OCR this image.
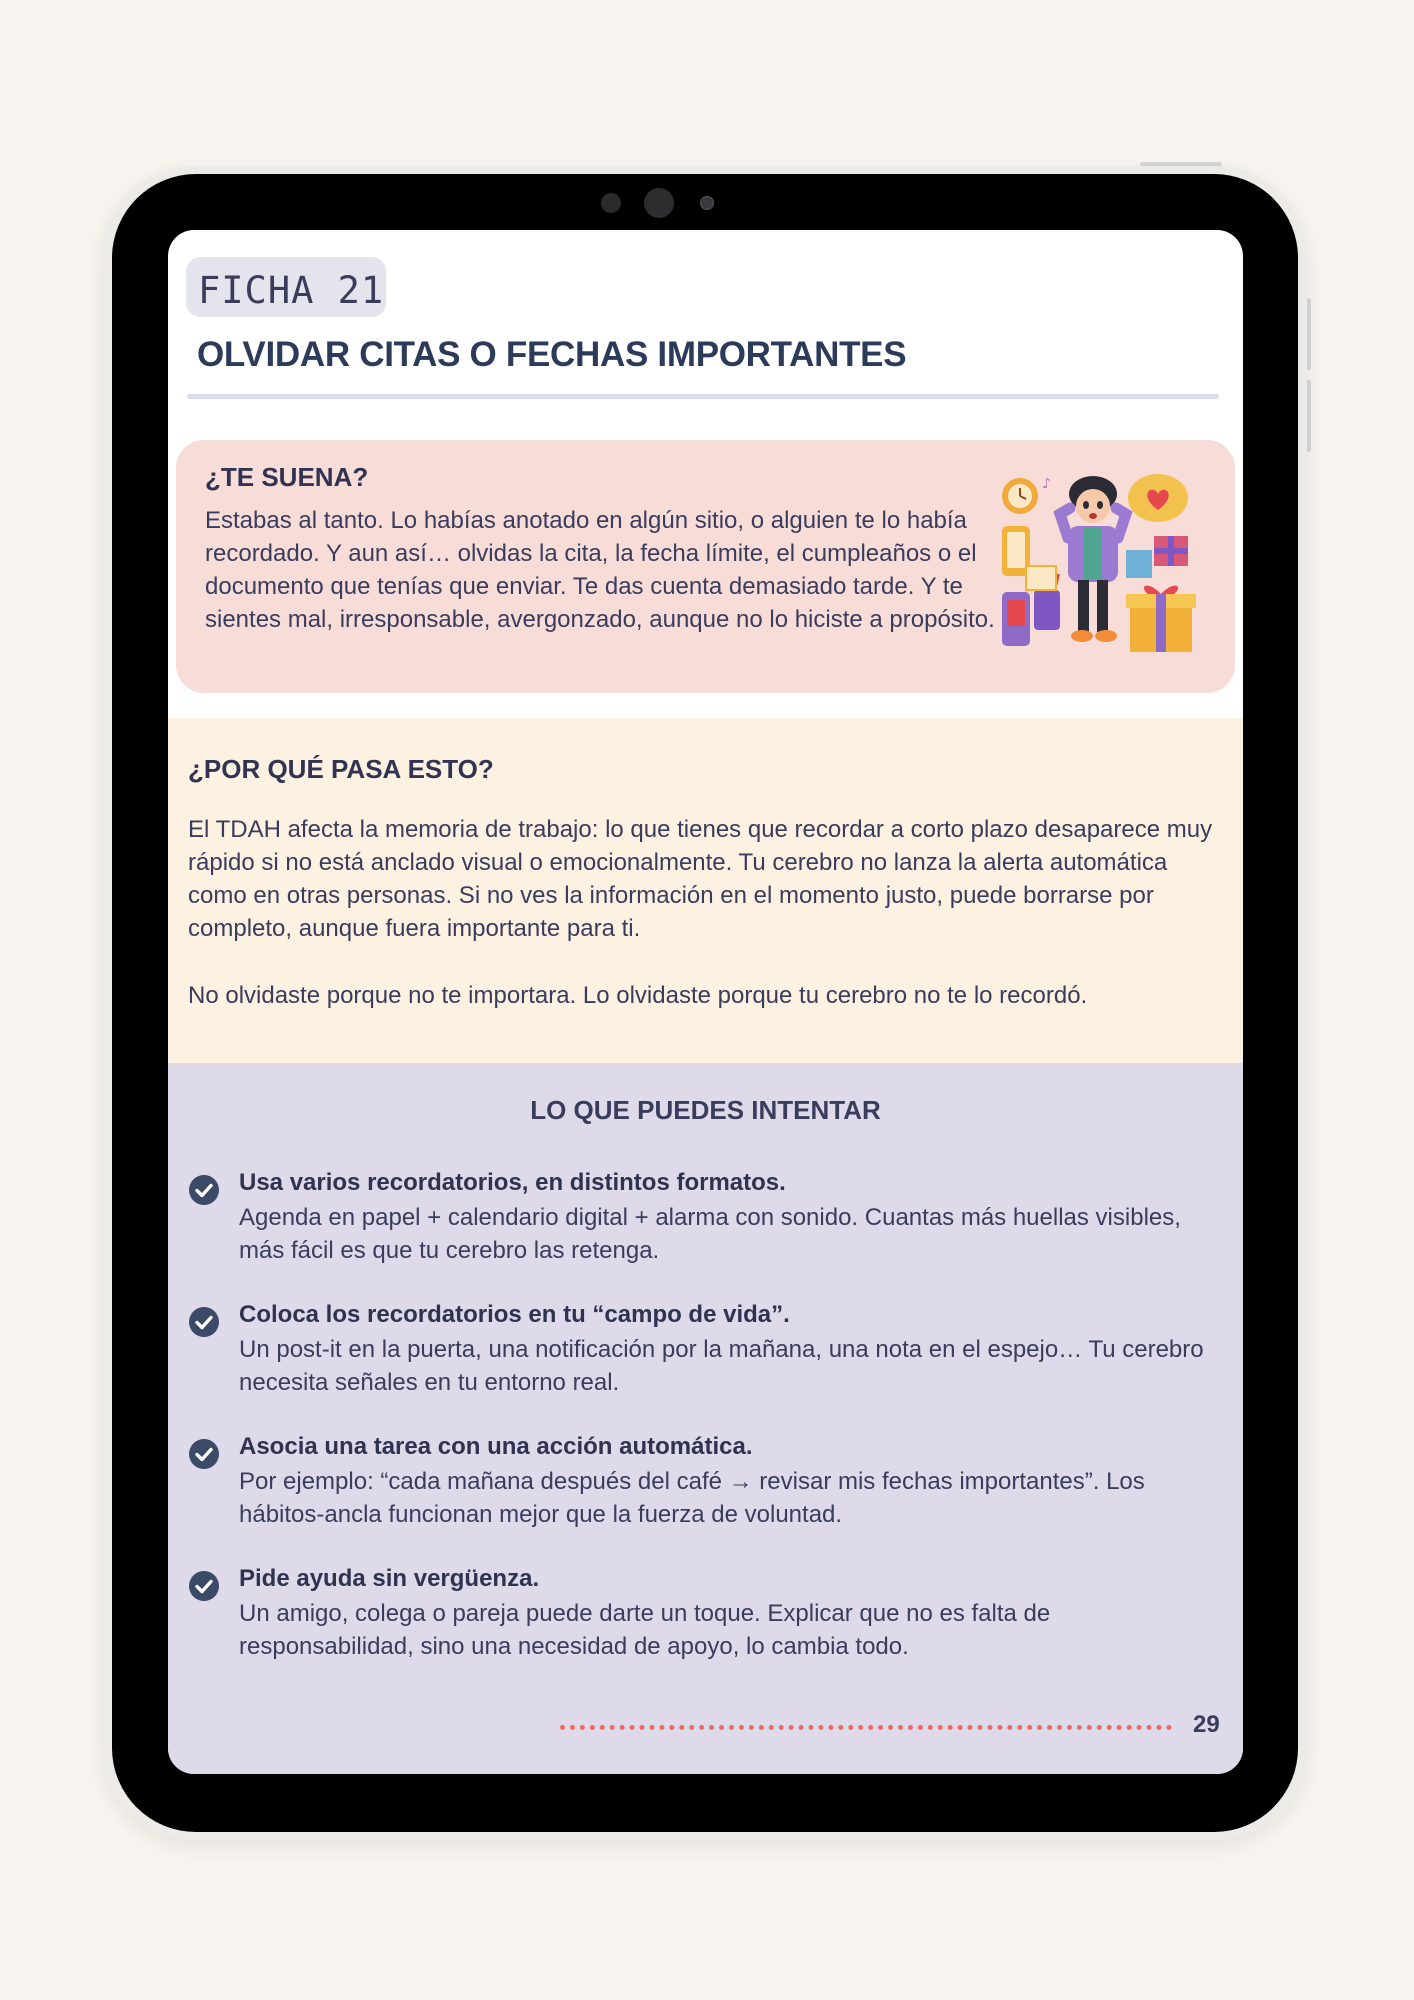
FICHA 21
OLVIDAR CITAS O FECHAS IMPORTANTES
¿TE SUENA?

Estabas al tanto. Lo habías anotado en algún sitio, o alguien te lo había recordado. Y aun así… olvidas la cita, la fecha límite, el cumpleaños o el documento que tenías que enviar. Te das cuenta demasiado tarde. Y te sientes mal, irresponsable, avergonzado, aunque no lo hiciste a propósito.

♪
¿POR QUÉ PASA ESTO?

El TDAH afecta la memoria de trabajo: lo que tienes que recordar a corto plazo desaparece muy rápido si no está anclado visual o emocionalmente. Tu cerebro no lanza la alerta automática como en otras personas. Si no ves la información en el momento justo, puede borrarse por completo, aunque fuera importante para ti.

No olvidaste porque no te importara. Lo olvidaste porque tu cerebro no te lo recordó.

LO QUE PUEDES INTENTAR
Usa varios recordatorios, en distintos formatos.

Agenda en papel + calendario digital + alarma con sonido. Cuantas más huellas visibles, más fácil es que tu cerebro las retenga.

Coloca los recordatorios en tu “campo de vida”.

Un post-it en la puerta, una notificación por la mañana, una nota en el espejo… Tu cerebro necesita señales en tu entorno real.

Asocia una tarea con una acción automática.

Por ejemplo: “cada mañana después del café → revisar mis fechas importantes”. Los hábitos-ancla funcionan mejor que la fuerza de voluntad.

Pide ayuda sin vergüenza.

Un amigo, colega o pareja puede darte un toque. Explicar que no es falta de responsabilidad, sino una necesidad de apoyo, lo cambia todo.

29
